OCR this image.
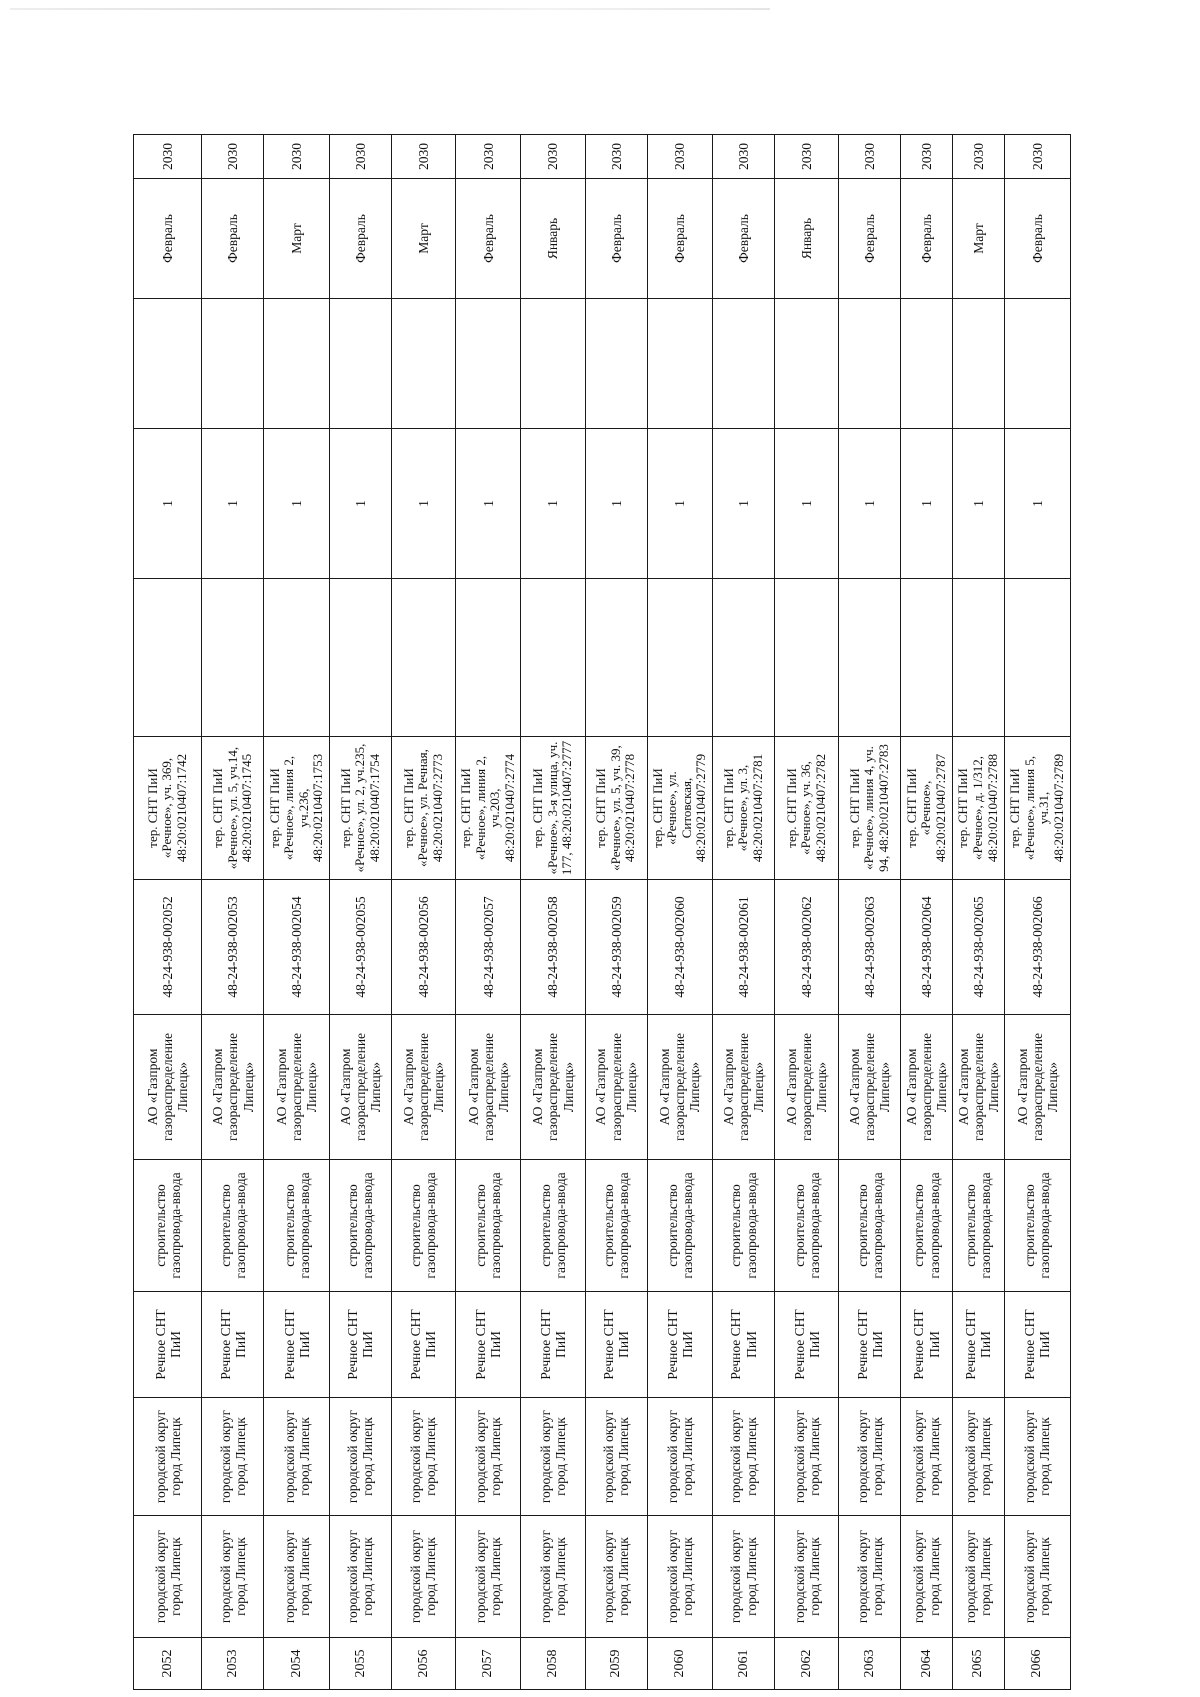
2052	городской округ город Липецк	городской округ город Липецк	Речное СНТ ПиИ	строительство газопровода-ввода	АО «Газпром газораспределение Липецк»	48-24-938-002052	тер. СНТ ПиИ «Речное», уч. 369, 48:20:0210407:1742		1		Февраль	2030
2053	городской округ город Липецк	городской округ город Липецк	Речное СНТ ПиИ	строительство газопровода-ввода	АО «Газпром газораспределение Липецк»	48-24-938-002053	тер. СНТ ПиИ «Речное», ул. 5, уч.14, 48:20:0210407:1745		1		Февраль	2030
2054	городской округ город Липецк	городской округ город Липецк	Речное СНТ ПиИ	строительство газопровода-ввода	АО «Газпром газораспределение Липецк»	48-24-938-002054	тер. СНТ ПиИ «Речное», линия 2, уч.236, 48:20:0210407:1753		1		Март	2030
2055	городской округ город Липецк	городской округ город Липецк	Речное СНТ ПиИ	строительство газопровода-ввода	АО «Газпром газораспределение Липецк»	48-24-938-002055	тер. СНТ ПиИ «Речное», ул. 2, уч.235, 48:20:0210407:1754		1		Февраль	2030
2056	городской округ город Липецк	городской округ город Липецк	Речное СНТ ПиИ	строительство газопровода-ввода	АО «Газпром газораспределение Липецк»	48-24-938-002056	тер. СНТ ПиИ «Речное», ул. Речная, 48:20:0210407:2773		1		Март	2030
2057	городской округ город Липецк	городской округ город Липецк	Речное СНТ ПиИ	строительство газопровода-ввода	АО «Газпром газораспределение Липецк»	48-24-938-002057	тер. СНТ ПиИ «Речное», линия 2, уч.203, 48:20:0210407:2774		1		Февраль	2030
2058	городской округ город Липецк	городской округ город Липецк	Речное СНТ ПиИ	строительство газопровода-ввода	АО «Газпром газораспределение Липецк»	48-24-938-002058	тер. СНТ ПиИ «Речное», 3-я улица, уч. 177, 48:20:0210407:2777		1		Январь	2030
2059	городской округ город Липецк	городской округ город Липецк	Речное СНТ ПиИ	строительство газопровода-ввода	АО «Газпром газораспределение Липецк»	48-24-938-002059	тер. СНТ ПиИ «Речное», ул. 5, уч. 39, 48:20:0210407:2778		1		Февраль	2030
2060	городской округ город Липецк	городской округ город Липецк	Речное СНТ ПиИ	строительство газопровода-ввода	АО «Газпром газораспределение Липецк»	48-24-938-002060	тер. СНТ ПиИ «Речное», ул. Ситовская, 48:20:0210407:2779		1		Февраль	2030
2061	городской округ город Липецк	городской округ город Липецк	Речное СНТ ПиИ	строительство газопровода-ввода	АО «Газпром газораспределение Липецк»	48-24-938-002061	тер. СНТ ПиИ «Речное», ул. 3, 48:20:0210407:2781		1		Февраль	2030
2062	городской округ город Липецк	городской округ город Липецк	Речное СНТ ПиИ	строительство газопровода-ввода	АО «Газпром газораспределение Липецк»	48-24-938-002062	тер. СНТ ПиИ «Речное», уч. 36, 48:20:0210407:2782		1		Январь	2030
2063	городской округ город Липецк	городской округ город Липецк	Речное СНТ ПиИ	строительство газопровода-ввода	АО «Газпром газораспределение Липецк»	48-24-938-002063	тер. СНТ ПиИ «Речное», линия 4, уч. 94, 48:20:0210407:2783		1		Февраль	2030
2064	городской округ город Липецк	городской округ город Липецк	Речное СНТ ПиИ	строительство газопровода-ввода	АО «Газпром газораспределение Липецк»	48-24-938-002064	тер. СНТ ПиИ «Речное», 48:20:0210407:2787		1		Февраль	2030
2065	городской округ город Липецк	городской округ город Липецк	Речное СНТ ПиИ	строительство газопровода-ввода	АО «Газпром газораспределение Липецк»	48-24-938-002065	тер. СНТ ПиИ «Речное», д. 1/312, 48:20:0210407:2788		1		Март	2030
2066	городской округ город Липецк	городской округ город Липецк	Речное СНТ ПиИ	строительство газопровода-ввода	АО «Газпром газораспределение Липецк»	48-24-938-002066	тер. СНТ ПиИ «Речное», линия 5, уч.31, 48:20:0210407:2789		1		Февраль	2030
